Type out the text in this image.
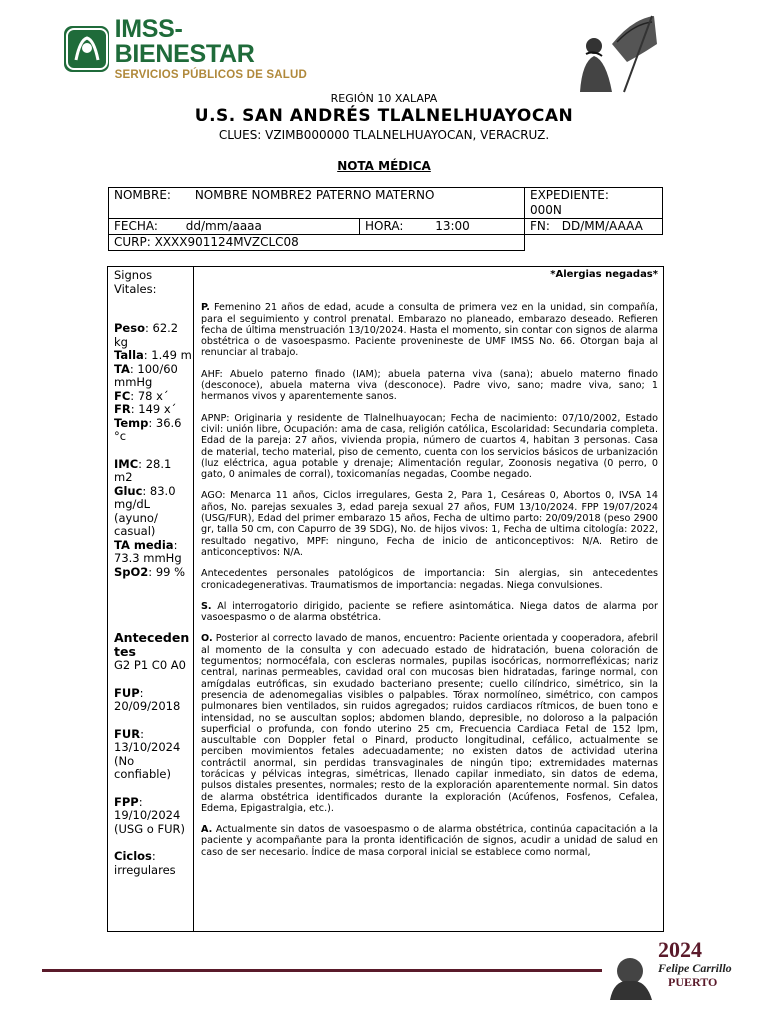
IMSS-BIENESTAR
SERVICIOS PÚBLICOS DE SALUD
REGIÓN 10 XALAPA
U.S. SAN ANDRÉS TLALNELHUAYOCAN
CLUES: VZIMB000000 TLALNELHUAYOCAN, VERACRUZ.
NOTA MÉDICA
NOMBRE: NOMBRE NOMBRE2 PATERNO MATERNO		EXPEDIENTE:
000N

FECHA: dd/mm/aaaa	HORA: 13:00	FN: DD/MM/AAAA
CURP: XXXX901124MVZCLC08		
Signos Vitales:
Peso: 62.2 kg
Talla: 1.49 m
TA: 100/60 mmHg
FC: 78 x´
FR: 149 x´
Temp: 36.6 °c
IMC: 28.1 m2
Gluc: 83.0 mg/dL (ayuno/ casual)
TA media: 73.3 mmHg
SpO2: 99 %
Antecedentes
G2 P1 C0 A0
FUP:
20/09/2018
FUR:
13/10/2024 (No confiable)
FPP:
19/10/2024 (USG o FUR)
Ciclos:
irregulares
*Alergias negadas*

P. Femenino 21 años de edad, acude a consulta de primera vez en la unidad, sin compañía, para el seguimiento y control prenatal. Embarazo no planeado, embarazo deseado. Refieren fecha de última menstruación 13/10/2024. Hasta el momento, sin contar con signos de alarma obstétrica o de vasoespasmo. Paciente provenineste de UMF IMSS No. 66. Otorgan baja al renunciar al trabajo.

AHF: Abuelo paterno finado (IAM); abuela paterna viva (sana); abuelo materno finado (desconoce), abuela materna viva (desconoce). Padre vivo, sano; madre viva, sano; 1 hermanos vivos y aparentemente sanos.

APNP: Originaria y residente de Tlalnelhuayocan; Fecha de nacimiento: 07/10/2002, Estado civil: unión libre, Ocupación: ama de casa, religión católica, Escolaridad: Secundaria completa. Edad de la pareja: 27 años, vivienda propia, número de cuartos 4, habitan 3 personas. Casa de material, techo material, piso de cemento, cuenta con los servicios básicos de urbanización (luz eléctrica, agua potable y drenaje; Alimentación regular, Zoonosis negativa (0 perro, 0 gato, 0 animales de corral), toxicomanías negadas, Coombe negado.

AGO: Menarca 11 años, Ciclos irregulares, Gesta 2, Para 1, Cesáreas 0, Abortos 0, IVSA 14 años, No. parejas sexuales 3, edad pareja sexual 27 años, FUM 13/10/2024. FPP 19/07/2024 (USG/FUR), Edad del primer embarazo 15 años, Fecha de ultimo parto: 20/09/2018 (peso 2900 gr, talla 50 cm, con Capurro de 39 SDG), No. de hijos vivos: 1, Fecha de ultima citología: 2022, resultado negativo, MPF: ninguno, Fecha de inicio de anticonceptivos: N/A. Retiro de anticonceptivos: N/A.

Antecedentes personales patológicos de importancia: Sin alergias, sin antecedentes cronicadegenerativas. Traumatismos de importancia: negadas. Niega convulsiones.

S. Al interrogatorio dirigido, paciente se refiere asintomática. Niega datos de alarma por vasoespasmo o de alarma obstétrica.

O. Posterior al correcto lavado de manos, encuentro: Paciente orientada y cooperadora, afebril al momento de la consulta y con adecuado estado de hidratación, buena coloración de tegumentos; normocéfala, con escleras normales, pupilas isocóricas, normorrefléxicas; nariz central, narinas permeables, cavidad oral con mucosas bien hidratadas, faringe normal, con amígdalas eutróficas, sin exudado bacteriano presente; cuello cilíndrico, simétrico, sin la presencia de adenomegalias visibles o palpables. Tórax normolíneo, simétrico, con campos pulmonares bien ventilados, sin ruidos agregados; ruidos cardiacos rítmicos, de buen tono e intensidad, no se auscultan soplos; abdomen blando, depresible, no doloroso a la palpación superficial o profunda, con fondo uterino 25 cm, Frecuencia Cardiaca Fetal de 152 lpm, auscultable con Doppler fetal o Pinard, producto longitudinal, cefálico, actualmente se perciben movimientos fetales adecuadamente; no existen datos de actividad uterina contráctil anormal, sin perdidas transvaginales de ningún tipo; extremidades maternas torácicas y pélvicas integras, simétricas, llenado capilar inmediato, sin datos de edema, pulsos distales presentes, normales; resto de la exploración aparentemente normal. Sin datos de alarma obstétrica identificados durante la exploración (Acúfenos, Fosfenos, Cefalea, Edema, Epigastralgia, etc.).

A. Actualmente sin datos de vasoespasmo o de alarma obstétrica, continúa capacitación a la paciente y acompañante para la pronta identificación de signos, acudir a unidad de salud en caso de ser necesario. Índice de masa corporal inicial se establece como normal,

2024
Felipe Carrillo
PUERTO
